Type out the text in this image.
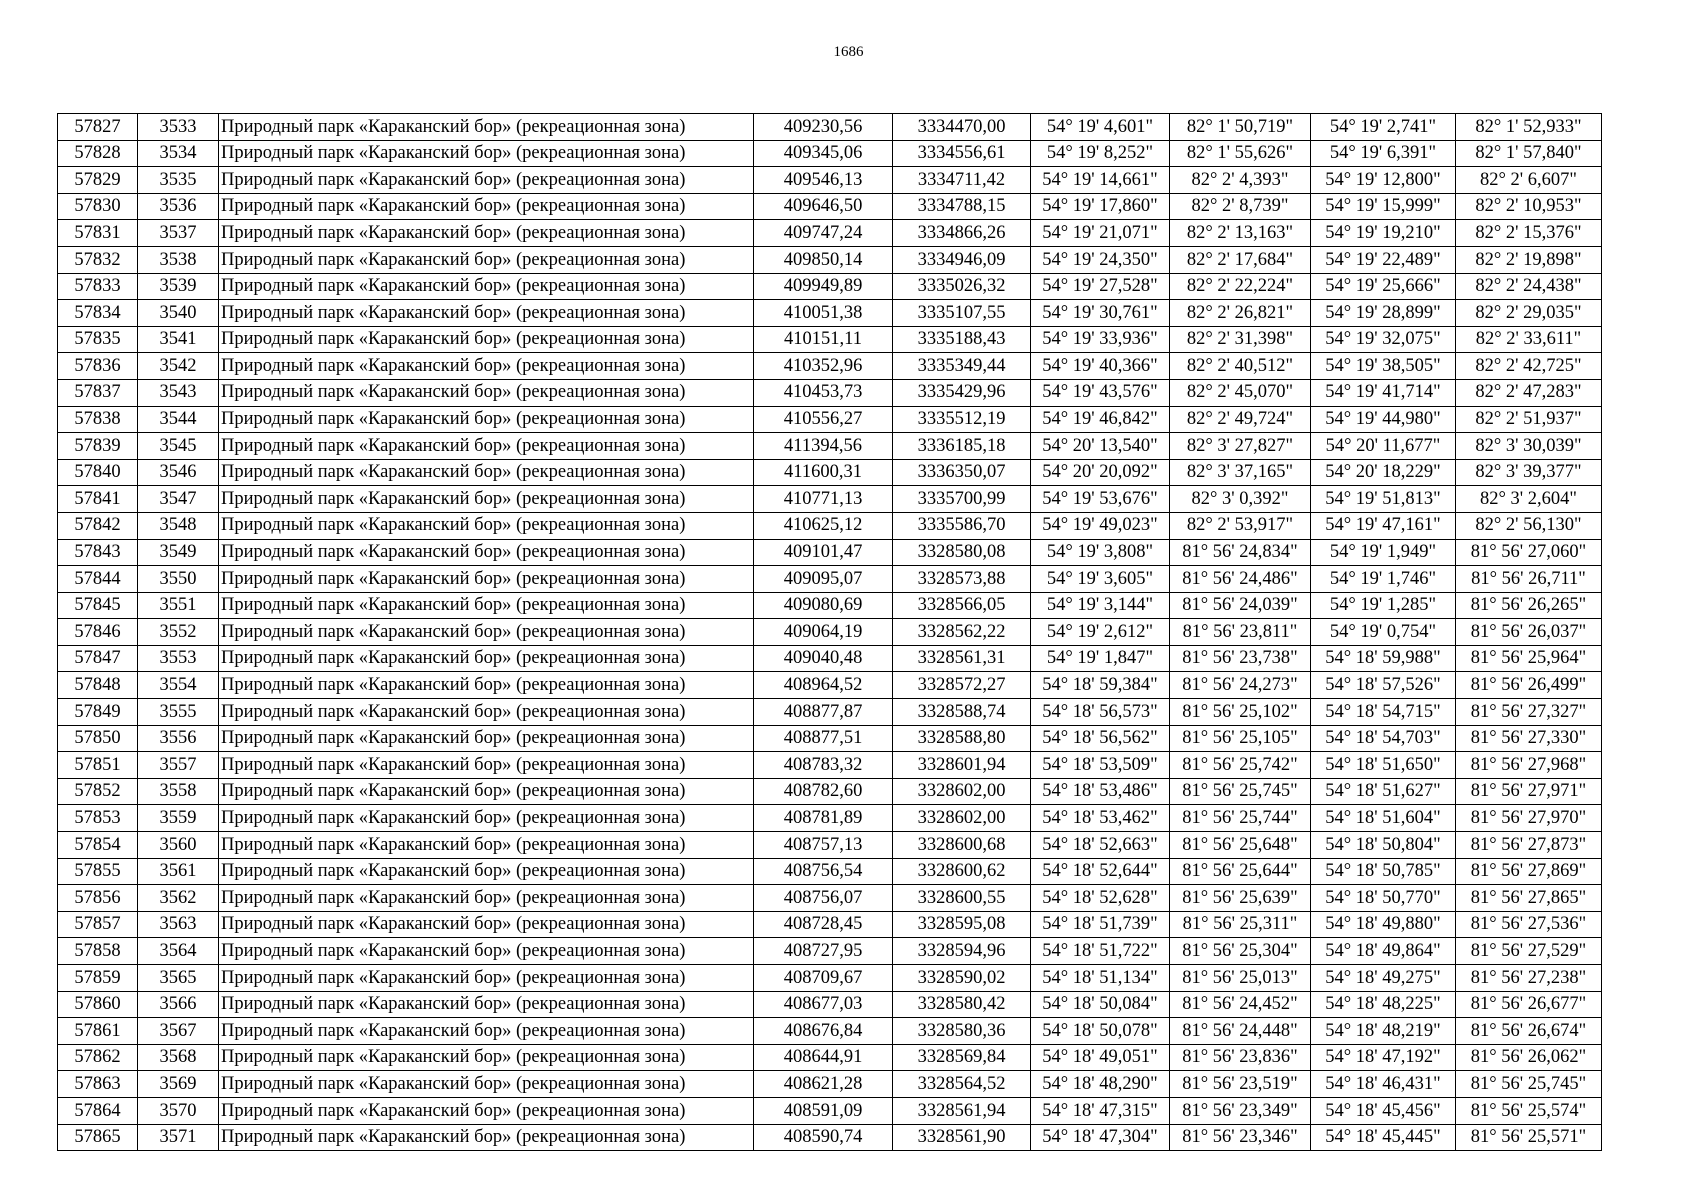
1686
57827	3533	Природный парк «Караканский бор» (рекреационная зона)	409230,56	3334470,00	54° 19' 4,601"	82° 1' 50,719"	54° 19' 2,741"	82° 1' 52,933"
57828	3534	Природный парк «Караканский бор» (рекреационная зона)	409345,06	3334556,61	54° 19' 8,252"	82° 1' 55,626"	54° 19' 6,391"	82° 1' 57,840"
57829	3535	Природный парк «Караканский бор» (рекреационная зона)	409546,13	3334711,42	54° 19' 14,661"	82° 2' 4,393"	54° 19' 12,800"	82° 2' 6,607"
57830	3536	Природный парк «Караканский бор» (рекреационная зона)	409646,50	3334788,15	54° 19' 17,860"	82° 2' 8,739"	54° 19' 15,999"	82° 2' 10,953"
57831	3537	Природный парк «Караканский бор» (рекреационная зона)	409747,24	3334866,26	54° 19' 21,071"	82° 2' 13,163"	54° 19' 19,210"	82° 2' 15,376"
57832	3538	Природный парк «Караканский бор» (рекреационная зона)	409850,14	3334946,09	54° 19' 24,350"	82° 2' 17,684"	54° 19' 22,489"	82° 2' 19,898"
57833	3539	Природный парк «Караканский бор» (рекреационная зона)	409949,89	3335026,32	54° 19' 27,528"	82° 2' 22,224"	54° 19' 25,666"	82° 2' 24,438"
57834	3540	Природный парк «Караканский бор» (рекреационная зона)	410051,38	3335107,55	54° 19' 30,761"	82° 2' 26,821"	54° 19' 28,899"	82° 2' 29,035"
57835	3541	Природный парк «Караканский бор» (рекреационная зона)	410151,11	3335188,43	54° 19' 33,936"	82° 2' 31,398"	54° 19' 32,075"	82° 2' 33,611"
57836	3542	Природный парк «Караканский бор» (рекреационная зона)	410352,96	3335349,44	54° 19' 40,366"	82° 2' 40,512"	54° 19' 38,505"	82° 2' 42,725"
57837	3543	Природный парк «Караканский бор» (рекреационная зона)	410453,73	3335429,96	54° 19' 43,576"	82° 2' 45,070"	54° 19' 41,714"	82° 2' 47,283"
57838	3544	Природный парк «Караканский бор» (рекреационная зона)	410556,27	3335512,19	54° 19' 46,842"	82° 2' 49,724"	54° 19' 44,980"	82° 2' 51,937"
57839	3545	Природный парк «Караканский бор» (рекреационная зона)	411394,56	3336185,18	54° 20' 13,540"	82° 3' 27,827"	54° 20' 11,677"	82° 3' 30,039"
57840	3546	Природный парк «Караканский бор» (рекреационная зона)	411600,31	3336350,07	54° 20' 20,092"	82° 3' 37,165"	54° 20' 18,229"	82° 3' 39,377"
57841	3547	Природный парк «Караканский бор» (рекреационная зона)	410771,13	3335700,99	54° 19' 53,676"	82° 3' 0,392"	54° 19' 51,813"	82° 3' 2,604"
57842	3548	Природный парк «Караканский бор» (рекреационная зона)	410625,12	3335586,70	54° 19' 49,023"	82° 2' 53,917"	54° 19' 47,161"	82° 2' 56,130"
57843	3549	Природный парк «Караканский бор» (рекреационная зона)	409101,47	3328580,08	54° 19' 3,808"	81° 56' 24,834"	54° 19' 1,949"	81° 56' 27,060"
57844	3550	Природный парк «Караканский бор» (рекреационная зона)	409095,07	3328573,88	54° 19' 3,605"	81° 56' 24,486"	54° 19' 1,746"	81° 56' 26,711"
57845	3551	Природный парк «Караканский бор» (рекреационная зона)	409080,69	3328566,05	54° 19' 3,144"	81° 56' 24,039"	54° 19' 1,285"	81° 56' 26,265"
57846	3552	Природный парк «Караканский бор» (рекреационная зона)	409064,19	3328562,22	54° 19' 2,612"	81° 56' 23,811"	54° 19' 0,754"	81° 56' 26,037"
57847	3553	Природный парк «Караканский бор» (рекреационная зона)	409040,48	3328561,31	54° 19' 1,847"	81° 56' 23,738"	54° 18' 59,988"	81° 56' 25,964"
57848	3554	Природный парк «Караканский бор» (рекреационная зона)	408964,52	3328572,27	54° 18' 59,384"	81° 56' 24,273"	54° 18' 57,526"	81° 56' 26,499"
57849	3555	Природный парк «Караканский бор» (рекреационная зона)	408877,87	3328588,74	54° 18' 56,573"	81° 56' 25,102"	54° 18' 54,715"	81° 56' 27,327"
57850	3556	Природный парк «Караканский бор» (рекреационная зона)	408877,51	3328588,80	54° 18' 56,562"	81° 56' 25,105"	54° 18' 54,703"	81° 56' 27,330"
57851	3557	Природный парк «Караканский бор» (рекреационная зона)	408783,32	3328601,94	54° 18' 53,509"	81° 56' 25,742"	54° 18' 51,650"	81° 56' 27,968"
57852	3558	Природный парк «Караканский бор» (рекреационная зона)	408782,60	3328602,00	54° 18' 53,486"	81° 56' 25,745"	54° 18' 51,627"	81° 56' 27,971"
57853	3559	Природный парк «Караканский бор» (рекреационная зона)	408781,89	3328602,00	54° 18' 53,462"	81° 56' 25,744"	54° 18' 51,604"	81° 56' 27,970"
57854	3560	Природный парк «Караканский бор» (рекреационная зона)	408757,13	3328600,68	54° 18' 52,663"	81° 56' 25,648"	54° 18' 50,804"	81° 56' 27,873"
57855	3561	Природный парк «Караканский бор» (рекреационная зона)	408756,54	3328600,62	54° 18' 52,644"	81° 56' 25,644"	54° 18' 50,785"	81° 56' 27,869"
57856	3562	Природный парк «Караканский бор» (рекреационная зона)	408756,07	3328600,55	54° 18' 52,628"	81° 56' 25,639"	54° 18' 50,770"	81° 56' 27,865"
57857	3563	Природный парк «Караканский бор» (рекреационная зона)	408728,45	3328595,08	54° 18' 51,739"	81° 56' 25,311"	54° 18' 49,880"	81° 56' 27,536"
57858	3564	Природный парк «Караканский бор» (рекреационная зона)	408727,95	3328594,96	54° 18' 51,722"	81° 56' 25,304"	54° 18' 49,864"	81° 56' 27,529"
57859	3565	Природный парк «Караканский бор» (рекреационная зона)	408709,67	3328590,02	54° 18' 51,134"	81° 56' 25,013"	54° 18' 49,275"	81° 56' 27,238"
57860	3566	Природный парк «Караканский бор» (рекреационная зона)	408677,03	3328580,42	54° 18' 50,084"	81° 56' 24,452"	54° 18' 48,225"	81° 56' 26,677"
57861	3567	Природный парк «Караканский бор» (рекреационная зона)	408676,84	3328580,36	54° 18' 50,078"	81° 56' 24,448"	54° 18' 48,219"	81° 56' 26,674"
57862	3568	Природный парк «Караканский бор» (рекреационная зона)	408644,91	3328569,84	54° 18' 49,051"	81° 56' 23,836"	54° 18' 47,192"	81° 56' 26,062"
57863	3569	Природный парк «Караканский бор» (рекреационная зона)	408621,28	3328564,52	54° 18' 48,290"	81° 56' 23,519"	54° 18' 46,431"	81° 56' 25,745"
57864	3570	Природный парк «Караканский бор» (рекреационная зона)	408591,09	3328561,94	54° 18' 47,315"	81° 56' 23,349"	54° 18' 45,456"	81° 56' 25,574"
57865	3571	Природный парк «Караканский бор» (рекреационная зона)	408590,74	3328561,90	54° 18' 47,304"	81° 56' 23,346"	54° 18' 45,445"	81° 56' 25,571"
